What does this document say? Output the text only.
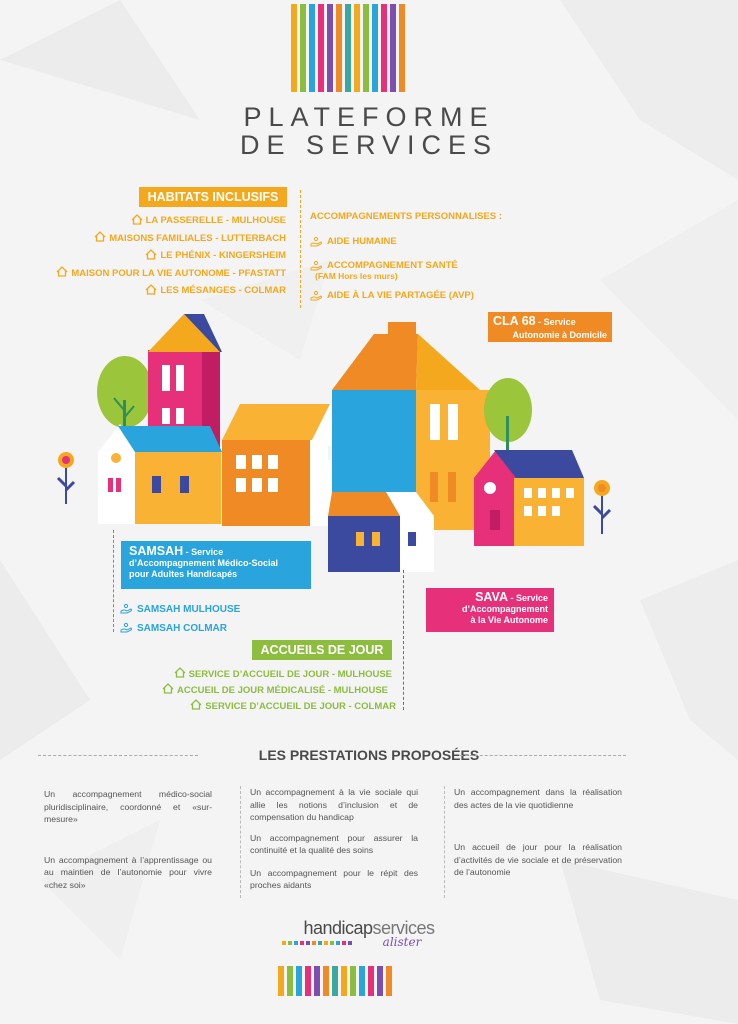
PLATEFORME
DE SERVICES
HABITATS INCLUSIFS
LA PASSERELLE - MULHOUSE
MAISONS FAMILIALES - LUTTERBACH
LE PHÉNIX - KINGERSHEIM
MAISON POUR LA VIE AUTONOME - PFASTATT
LES MÉSANGES - COLMAR
ACCOMPAGNEMENTS PERSONNALISES :
AIDE HUMAINE
ACCOMPAGNEMENT SANTÉ
(FAM Hors les murs)
AIDE À LA VIE PARTAGÉE (AVP)
CLA 68 - Service
Autonomie à Domicile
SAMSAH - Service
d’Accompagnement Médico-Social
pour Adultes Handicapés
SAMSAH MULHOUSE
SAMSAH COLMAR
SAVA - Service
d’Accompagnement
à la Vie Autonome
ACCUEILS DE JOUR
SERVICE D’ACCUEIL DE JOUR - MULHOUSE
ACCUEIL DE JOUR MÉDICALISÉ - MULHOUSE
SERVICE D’ACCUEIL DE JOUR - COLMAR
LES PRESTATIONS PROPOSÉES

Un accompagnement médico-social pluridisciplinaire, coordonné et «sur-mesure»

Un accompagnement à l’apprentissage ou au maintien de l’autonomie pour vivre «chez soi»

Un accompagnement à la vie sociale qui allie les notions d’inclusion et de compensation du handicap

Un accompagnement pour assurer la continuité et la qualité des soins

Un accompagnement pour le répit des proches aidants

Un accompagnement dans la réalisation des actes de la vie quotidienne

Un accueil de jour pour la réalisation d’activités de vie sociale et de préservation de l’autonomie

handicapservices
alister
